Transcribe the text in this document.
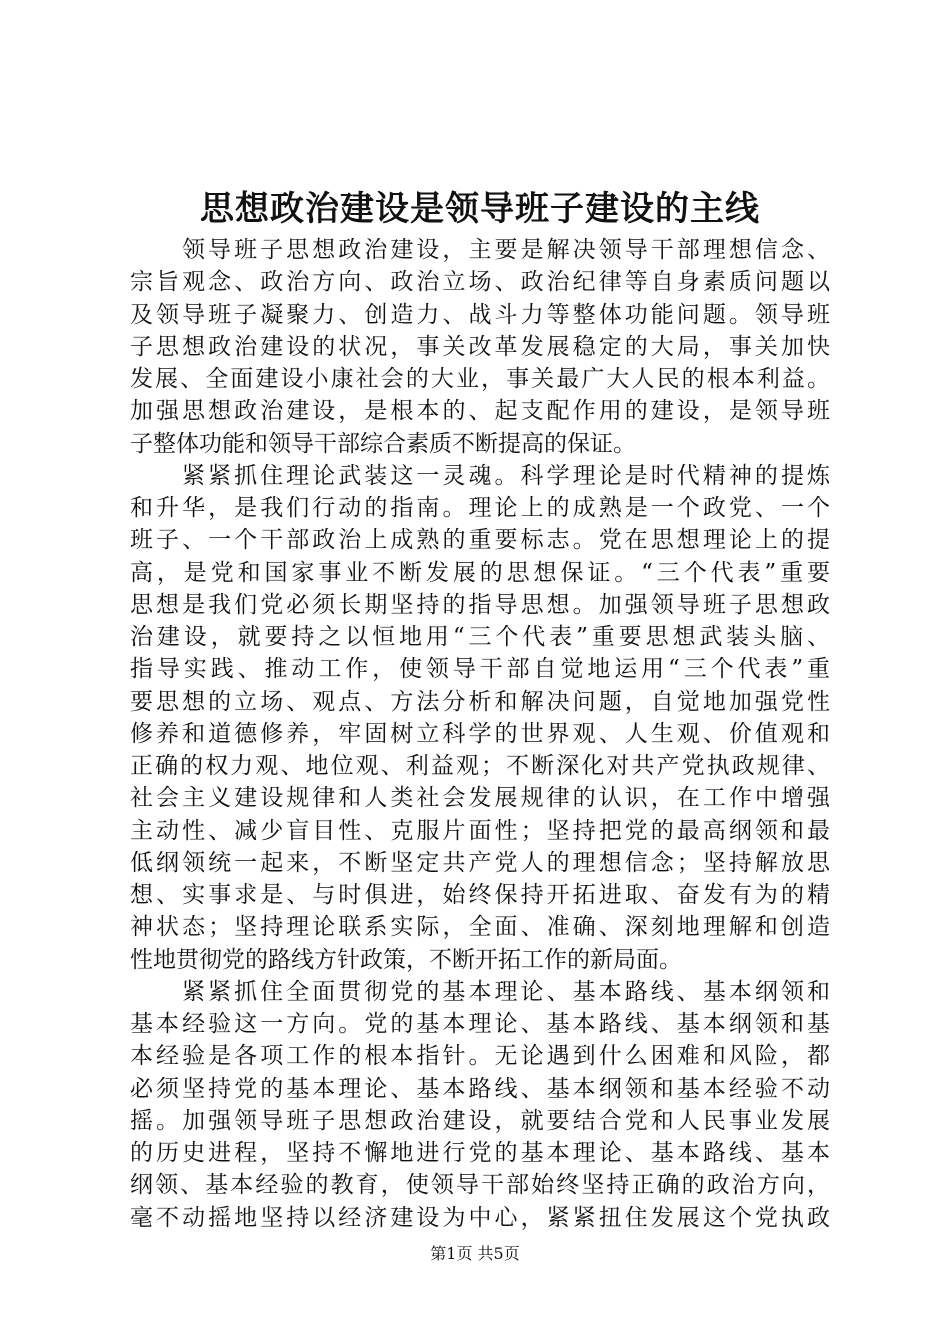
思想政治建设是领导班子建设的主线

领导班子思想政治建设，主要是解决领导干部理想信念、
宗旨观念、政治方向、政治立场、政治纪律等自身素质问题以
及领导班子凝聚力、创造力、战斗力等整体功能问题。领导班
子思想政治建设的状况，事关改革发展稳定的大局，事关加快
发展、全面建设小康社会的大业，事关最广大人民的根本利益。
加强思想政治建设，是根本的、起支配作用的建设，是领导班
子整体功能和领导干部综合素质不断提高的保证。

紧紧抓住理论武装这一灵魂。科学理论是时代精神的提炼
和升华，是我们行动的指南。理论上的成熟是一个政党、一个
班子、一个干部政治上成熟的重要标志。党在思想理论上的提
高，是党和国家事业不断发展的思想保证。“三个代表”重要
思想是我们党必须长期坚持的指导思想。加强领导班子思想政
治建设，就要持之以恒地用“三个代表”重要思想武装头脑、
指导实践、推动工作，使领导干部自觉地运用“三个代表”重
要思想的立场、观点、方法分析和解决问题，自觉地加强党性
修养和道德修养，牢固树立科学的世界观、人生观、价值观和
正确的权力观、地位观、利益观；不断深化对共产党执政规律、
社会主义建设规律和人类社会发展规律的认识，在工作中增强
主动性、减少盲目性、克服片面性；坚持把党的最高纲领和最
低纲领统一起来，不断坚定共产党人的理想信念；坚持解放思
想、实事求是、与时俱进，始终保持开拓进取、奋发有为的精
神状态；坚持理论联系实际，全面、准确、深刻地理解和创造
性地贯彻党的路线方针政策，不断开拓工作的新局面。

紧紧抓住全面贯彻党的基本理论、基本路线、基本纲领和
基本经验这一方向。党的基本理论、基本路线、基本纲领和基
本经验是各项工作的根本指针。无论遇到什么困难和风险，都
必须坚持党的基本理论、基本路线、基本纲领和基本经验不动
摇。加强领导班子思想政治建设，就要结合党和人民事业发展
的历史进程，坚持不懈地进行党的基本理论、基本路线、基本
纲领、基本经验的教育，使领导干部始终坚持正确的政治方向，
毫不动摇地坚持以经济建设为中心，紧紧扭住发展这个党执政

第1页 共5页
